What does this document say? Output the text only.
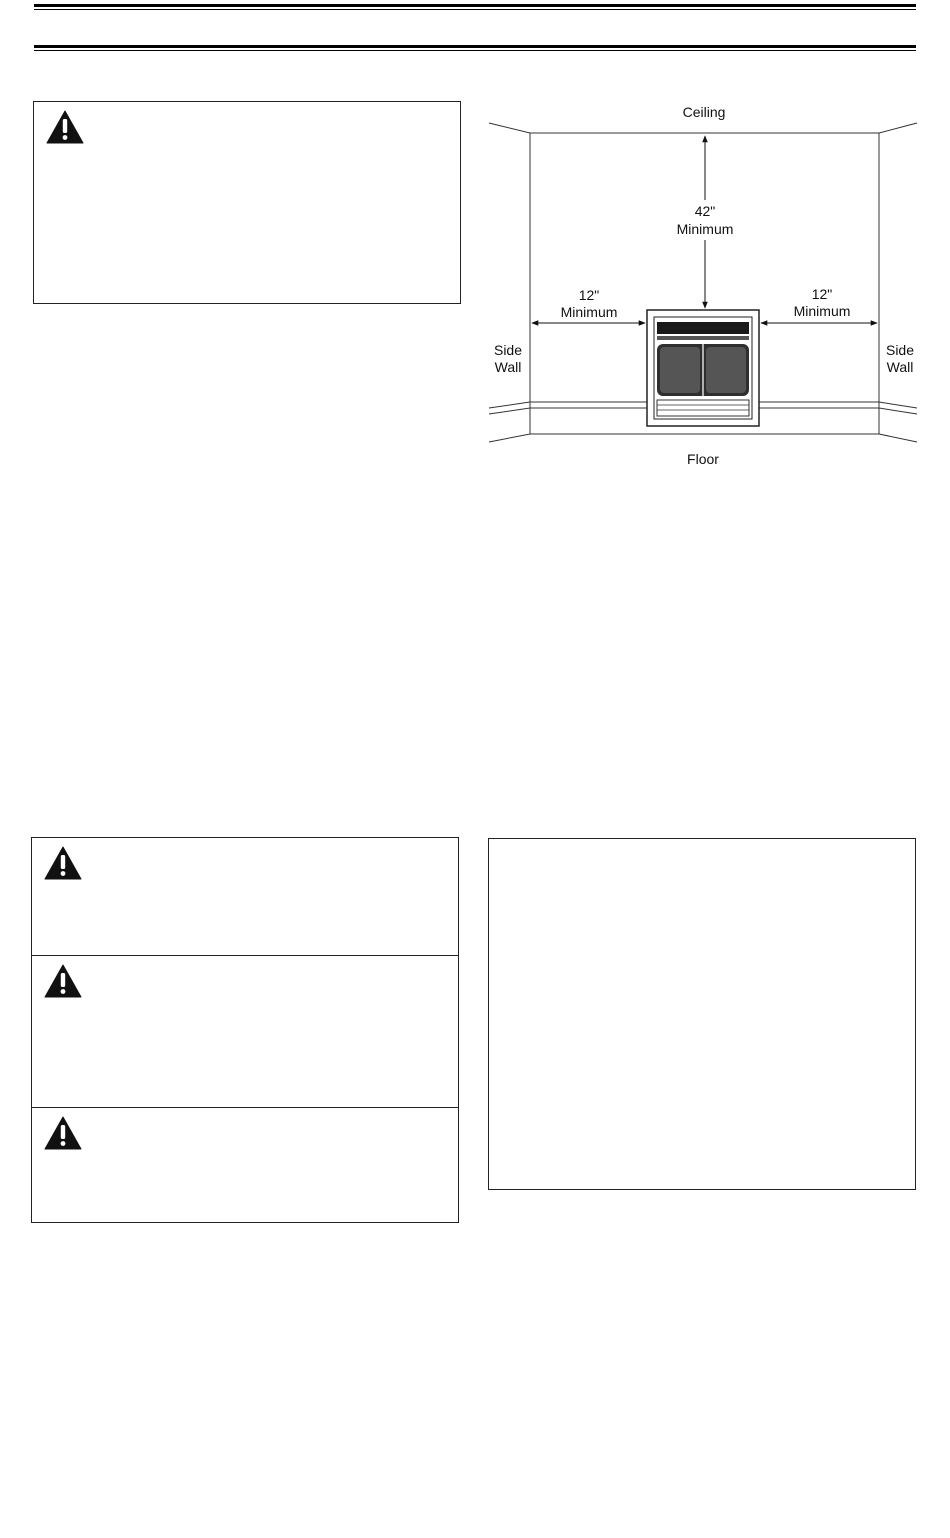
Ceiling
42"
Minimum
12"
Minimum
12"
Minimum
Side
Wall
Side
Wall
Floor
